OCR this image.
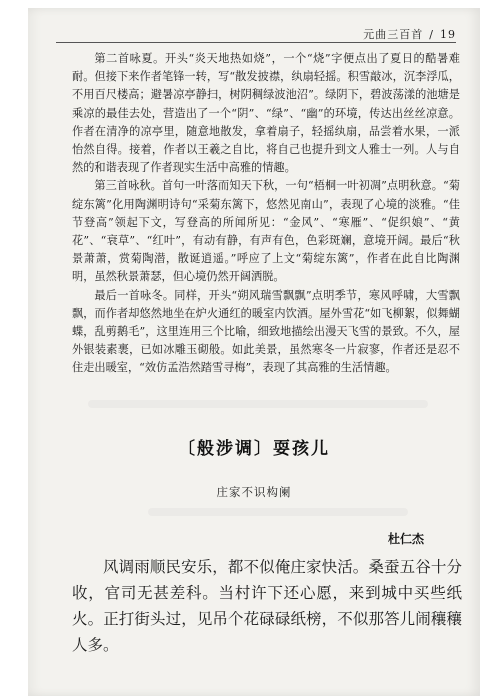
元曲三百首 / 19

第二首咏夏。开头“炎天地热如烧”，一个“烧”字便点出了夏日的酷暑难耐。但接下来作者笔锋一转，写“散发披襟，纨扇轻摇。积雪敲冰，沉李浮瓜，不用百尺楼高；避暑凉亭静扫，树阴稠绿波池沼”。绿阴下，碧波荡漾的池塘是乘凉的最佳去处，营造出了一个“阴”、“绿”、“幽”的环境，传达出丝丝凉意。作者在清净的凉亭里，随意地散发，拿着扇子，轻摇纨扇，品尝着水果，一派怡然自得。接着，作者以王羲之自比，将自己也提升到文人雅士一列。人与自然的和谐表现了作者现实生活中高雅的情趣。

第三首咏秋。首句一叶落而知天下秋，一句“梧桐一叶初凋”点明秋意。“菊绽东篱”化用陶渊明诗句“采菊东篱下，悠然见南山”，表现了心境的淡雅。“佳节登高”领起下文，写登高的所闻所见：“金风”、“寒雁”、“促织娘”、“黄花”、“衰草”、“红叶”，有动有静，有声有色，色彩斑斓，意境开阔。最后“秋景萧萧，赏菊陶潜，散诞逍遥。”呼应了上文“菊绽东篱”，作者在此自比陶渊明，虽然秋景萧瑟，但心境仍然开阔洒脱。

最后一首咏冬。同样，开头“朔风瑞雪飘飘”点明季节，寒风呼啸，大雪飘飘，而作者却悠然地坐在炉火通红的暖室内饮酒。屋外雪花“如飞柳絮，似舞蝴蝶，乱剪鹅毛”，这里连用三个比喻，细致地描绘出漫天飞雪的景致。不久，屋外银装素裹，已如冰雕玉砌般。如此美景，虽然寒冬一片寂寥，作者还是忍不住走出暖室，“效仿孟浩然踏雪寻梅”，表现了其高雅的生活情趣。

〔般涉调〕耍孩儿
庄家不识构阑
杜仁杰
风调雨顺民安乐，都不似俺庄家快活。桑蚕五谷十分收，官司无甚差科。当村许下还心愿，来到城中买些纸火。正打街头过，见吊个花碌碌纸榜，不似那答儿闹穰穰人多。
